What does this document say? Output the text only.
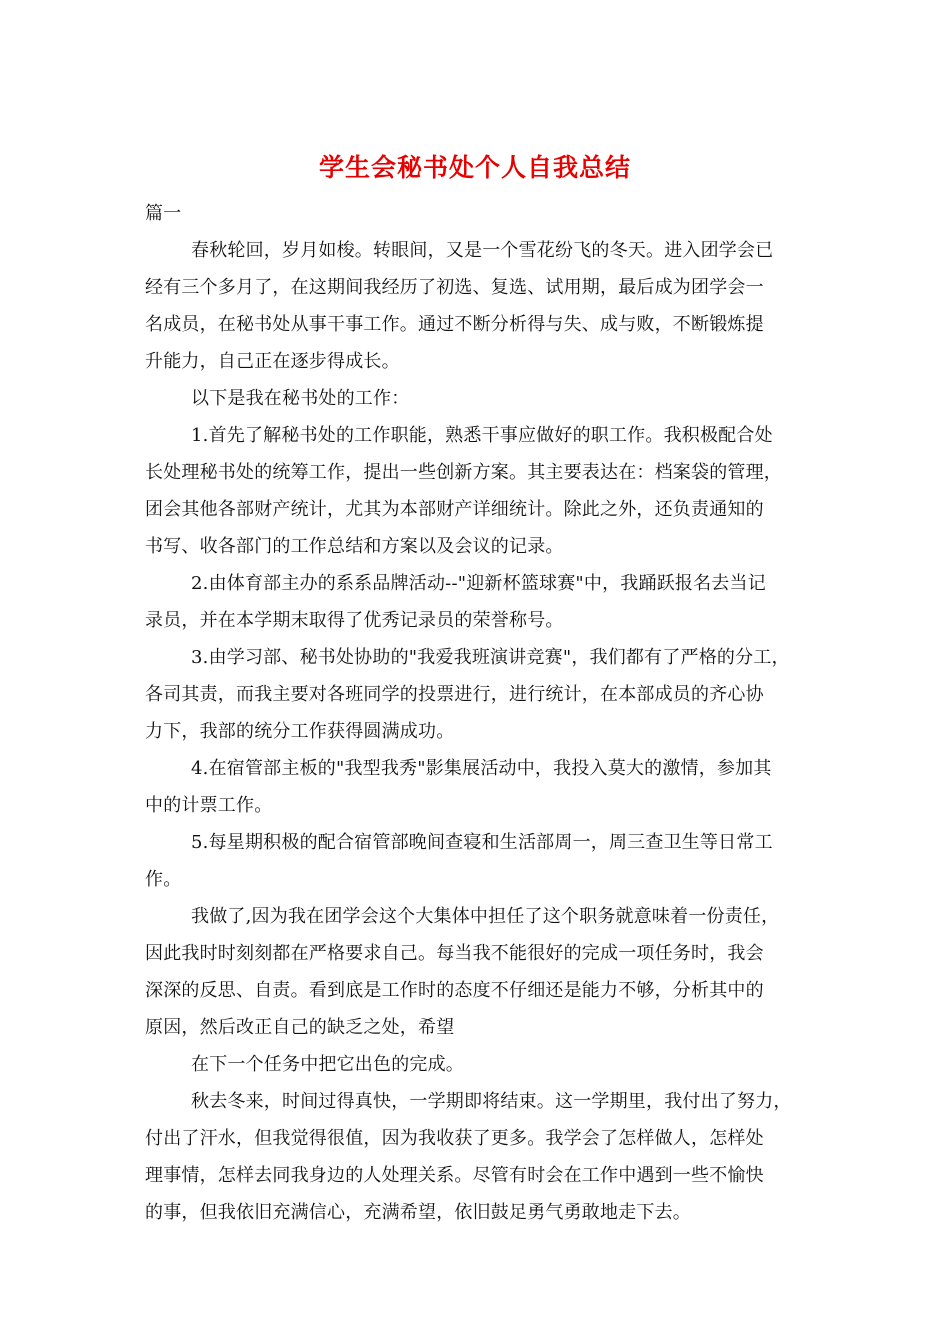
学生会秘书处个人自我总结
篇一
春秋轮回，岁月如梭。转眼间，又是一个雪花纷飞的冬天。进入团学会已
经有三个多月了，在这期间我经历了初选、复选、试用期，最后成为团学会一
名成员，在秘书处从事干事工作。通过不断分析得与失、成与败，不断锻炼提
升能力，自己正在逐步得成长。
以下是我在秘书处的工作：
1.首先了解秘书处的工作职能，熟悉干事应做好的职工作。我积极配合处
长处理秘书处的统筹工作，提出一些创新方案。其主要表达在：档案袋的管理，
团会其他各部财产统计，尤其为本部财产详细统计。除此之外，还负责通知的
书写、收各部门的工作总结和方案以及会议的记录。
2.由体育部主办的系系品牌活动--"迎新杯篮球赛"中，我踊跃报名去当记
录员，并在本学期末取得了优秀记录员的荣誉称号。
3.由学习部、秘书处协助的"我爱我班演讲竞赛"，我们都有了严格的分工，
各司其责，而我主要对各班同学的投票进行，进行统计，在本部成员的齐心协
力下，我部的统分工作获得圆满成功。
4.在宿管部主板的"我型我秀"影集展活动中，我投入莫大的激情，参加其
中的计票工作。
5.每星期积极的配合宿管部晚间查寝和生活部周一，周三查卫生等日常工
作。
我做了,因为我在团学会这个大集体中担任了这个职务就意味着一份责任，
因此我时时刻刻都在严格要求自己。每当我不能很好的完成一项任务时，我会
深深的反思、自责。看到底是工作时的态度不仔细还是能力不够，分析其中的
原因，然后改正自己的缺乏之处，希望
在下一个任务中把它出色的完成。
秋去冬来，时间过得真快，一学期即将结束。这一学期里，我付出了努力，
付出了汗水，但我觉得很值，因为我收获了更多。我学会了怎样做人，怎样处
理事情，怎样去同我身边的人处理关系。尽管有时会在工作中遇到一些不愉快
的事，但我依旧充满信心，充满希望，依旧鼓足勇气勇敢地走下去。
